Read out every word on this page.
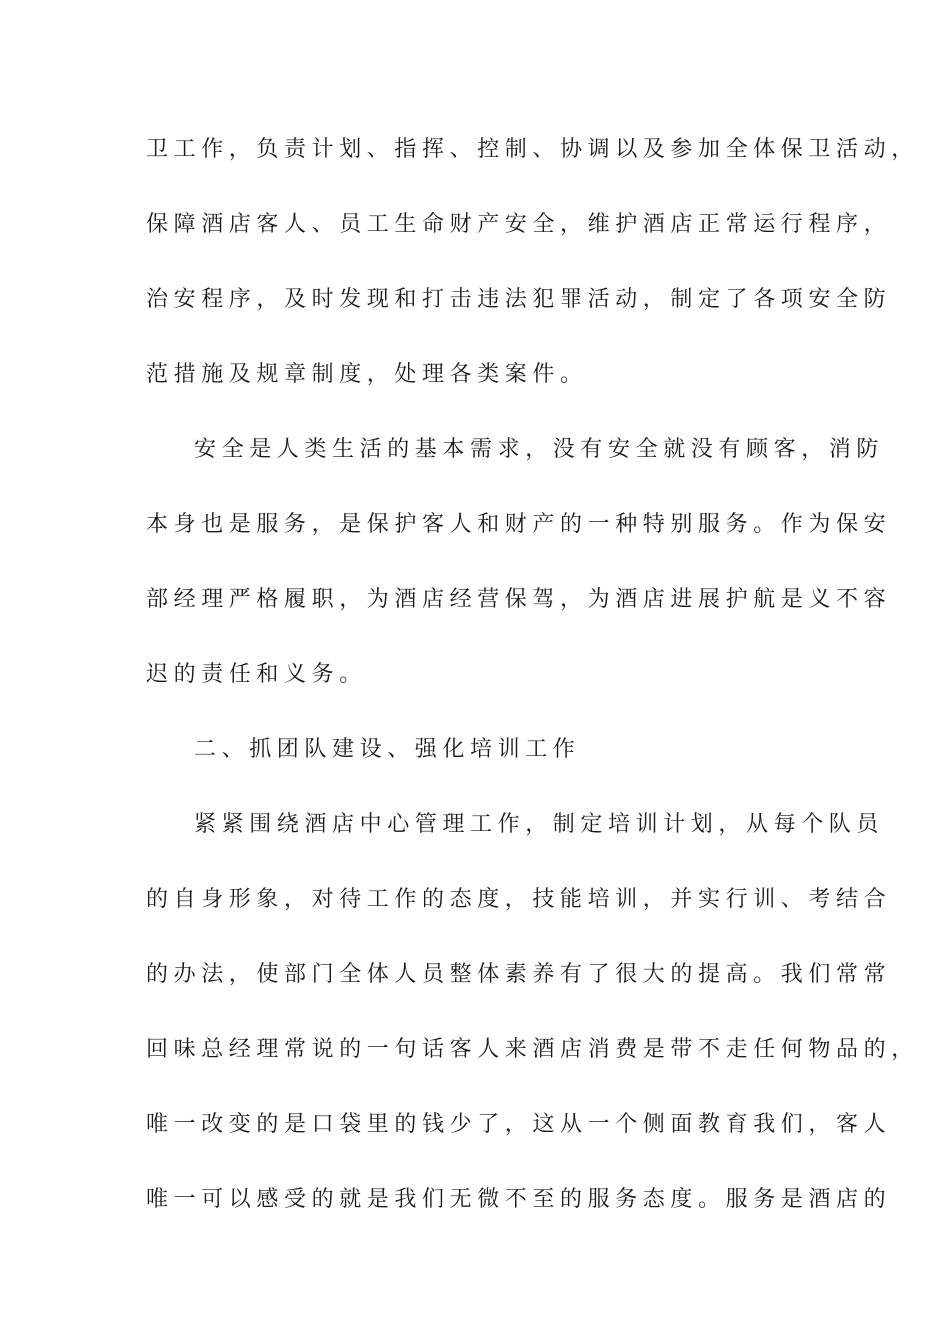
卫工作，负责计划、指挥、控制、协调以及参加全体保卫活动，
保障酒店客人、员工生命财产安全，维护酒店正常运行程序，
治安程序，及时发现和打击违法犯罪活动，制定了各项安全防
范措施及规章制度，处理各类案件。
安全是人类生活的基本需求，没有安全就没有顾客，消防
本身也是服务，是保护客人和财产的一种特别服务。作为保安
部经理严格履职，为酒店经营保驾，为酒店进展护航是义不容
迟的责任和义务。
二、抓团队建设、强化培训工作
紧紧围绕酒店中心管理工作，制定培训计划，从每个队员
的自身形象，对待工作的态度，技能培训，并实行训、考结合
的办法，使部门全体人员整体素养有了很大的提高。我们常常
回味总经理常说的一句话客人来酒店消费是带不走任何物品的，
唯一改变的是口袋里的钱少了，这从一个侧面教育我们，客人
唯一可以感受的就是我们无微不至的服务态度。服务是酒店的
